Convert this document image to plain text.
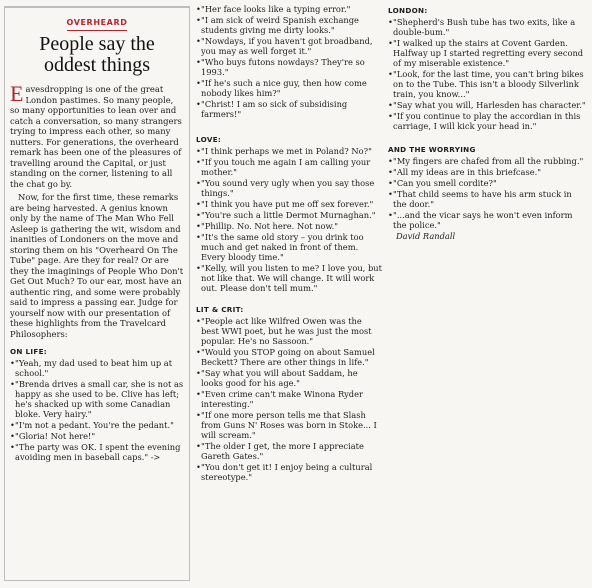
OVERHEARD
People say the oddest things

Eavesdropping is one of the great London pastimes. So many people, so many opportunities to lean over and catch a conversation, so many strangers trying to impress each other, so many nutters. For generations, the overheard remark has been one of the pleasures of travelling around the Capital, or just standing on the corner, listening to all the chat go by.

Now, for the first time, these remarks are being harvested. A genius known only by the name of The Man Who Fell Asleep is gathering the wit, wisdom and inanities of Londoners on the move and storing them on his "Overheard On The Tube" page. Are they for real? Or are they the imaginings of People Who Don't Get Out Much? To our ear, most have an authentic ring, and some were probably said to impress a passing ear. Judge for yourself now with our presentation of these highlights from the Travelcard Philosophers:

ON LIFE:
• "Yeah, my dad used to beat him up at school."
• "Brenda drives a small car, she is not as happy as she used to be. Clive has left; he's shacked up with some Canadian bloke. Very hairy."
• "I'm not a pedant. You're the pedant."
• "Gloria! Not here!"
• "The party was OK. I spent the evening avoiding men in baseball caps." ->
• "Her face looks like a typing error."
• "I am sick of weird Spanish exchange students giving me dirty looks."
• "Nowdays, if you haven't got broadband, you may as well forget it."
• "Who buys futons nowdays? They're so 1993."
• "If he's such a nice guy, then how come nobody likes him?"
• "Christ! I am so sick of subsidising farmers!"
LOVE:
• "I think perhaps we met in Poland? No?"
• "If you touch me again I am calling your mother."
• "You sound very ugly when you say those things."
• "I think you have put me off sex forever."
• "You're such a little Dermot Murnaghan."
• "Phillip. No. Not here. Not now."
• "It's the same old story – you drink too much and get naked in front of them. Every bloody time."
• "Kelly, will you listen to me? I love you, but not like that. We will change. It will work out. Please don't tell mum."
LIT & CRIT:
• "People act like Wilfred Owen was the best WWI poet, but he was just the most popular. He's no Sassoon."
• "Would you STOP going on about Samuel Beckett? There are other things in life."
• "Say what you will about Saddam, he looks good for his age."
• "Even crime can't make Winona Ryder interesting."
• "If one more person tells me that Slash from Guns N' Roses was born in Stoke... I will scream."
• "The older I get, the more I appreciate Gareth Gates."
• "You don't get it! I enjoy being a cultural stereotype."
LONDON:
• "Shepherd's Bush tube has two exits, like a double-bum."
• "I walked up the stairs at Covent Garden. Halfway up I started regretting every second of my miserable existence."
• "Look, for the last time, you can't bring bikes on to the Tube. This isn't a bloody Silverlink train, you know..."
• "Say what you will, Harlesden has character."
• "If you continue to play the accordian in this carriage, I will kick your head in."
AND THE WORRYING
• "My fingers are chafed from all the rubbing."
• "All my ideas are in this briefcase."
• "Can you smell cordite?"
• "That child seems to have his arm stuck in the door."
• "...and the vicar says he won't even inform the police."
David Randall
